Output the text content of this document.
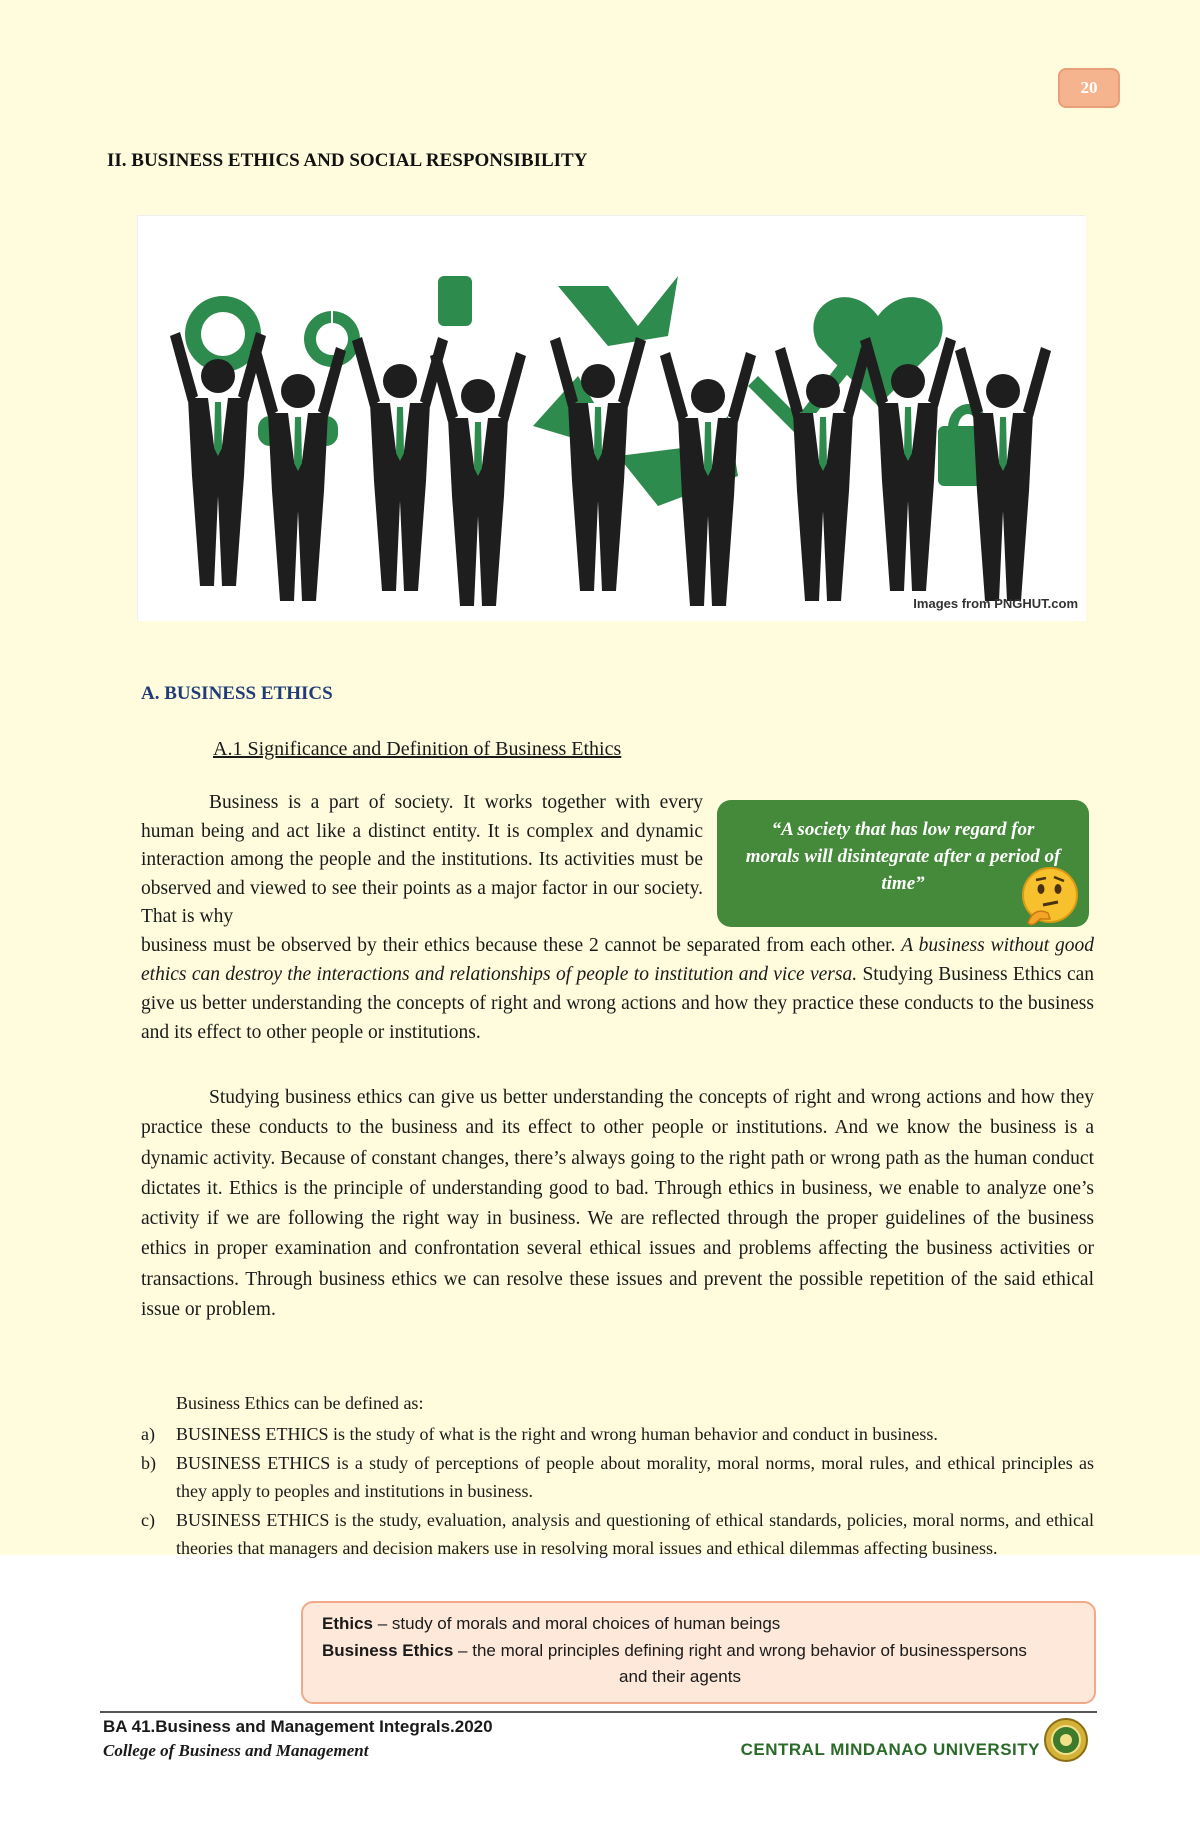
20
II. BUSINESS ETHICS AND SOCIAL RESPONSIBILITY
Images from PNGHUT.com
A. BUSINESS ETHICS
A.1 Significance and Definition of Business Ethics
Business is a part of society. It works together with every human being and act like a distinct entity. It is complex and dynamic interaction among the people and the institutions. Its activities must be observed and viewed to see their points as a major factor in our society. That is why
business must be observed by their ethics because these 2 cannot be separated from each other. A business without good ethics can destroy the interactions and relationships of people to institution and vice versa. Studying Business Ethics can give us better understanding the concepts of right and wrong actions and how they practice these conducts to the business and its effect to other people or institutions.
“A society that has low regard for morals will disintegrate after a period of time”
Studying business ethics can give us better understanding the concepts of right and wrong actions and how they practice these conducts to the business and its effect to other people or institutions. And we know the business is a dynamic activity. Because of constant changes, there’s always going to the right path or wrong path as the human conduct dictates it. Ethics is the principle of understanding good to bad. Through ethics in business, we enable to analyze one’s activity if we are following the right way in business. We are reflected through the proper guidelines of the business ethics in proper examination and confrontation several ethical issues and problems affecting the business activities or transactions. Through business ethics we can resolve these issues and prevent the possible repetition of the said ethical issue or problem.
Business Ethics can be defined as:
a) BUSINESS ETHICS is the study of what is the right and wrong human behavior and conduct in business.
b) BUSINESS ETHICS is a study of perceptions of people about morality, moral norms, moral rules, and ethical principles as they apply to peoples and institutions in business.
c) BUSINESS ETHICS is the study, evaluation, analysis and questioning of ethical standards, policies, moral norms, and ethical theories that managers and decision makers use in resolving moral issues and ethical dilemmas affecting business.
Ethics – study of morals and moral choices of human beings
Business Ethics – the moral principles defining right and wrong behavior of businesspersons
and their agents
BA 41.Business and Management Integrals.2020
College of Business and Management	CENTRAL MINDANAO UNIVERSITY
